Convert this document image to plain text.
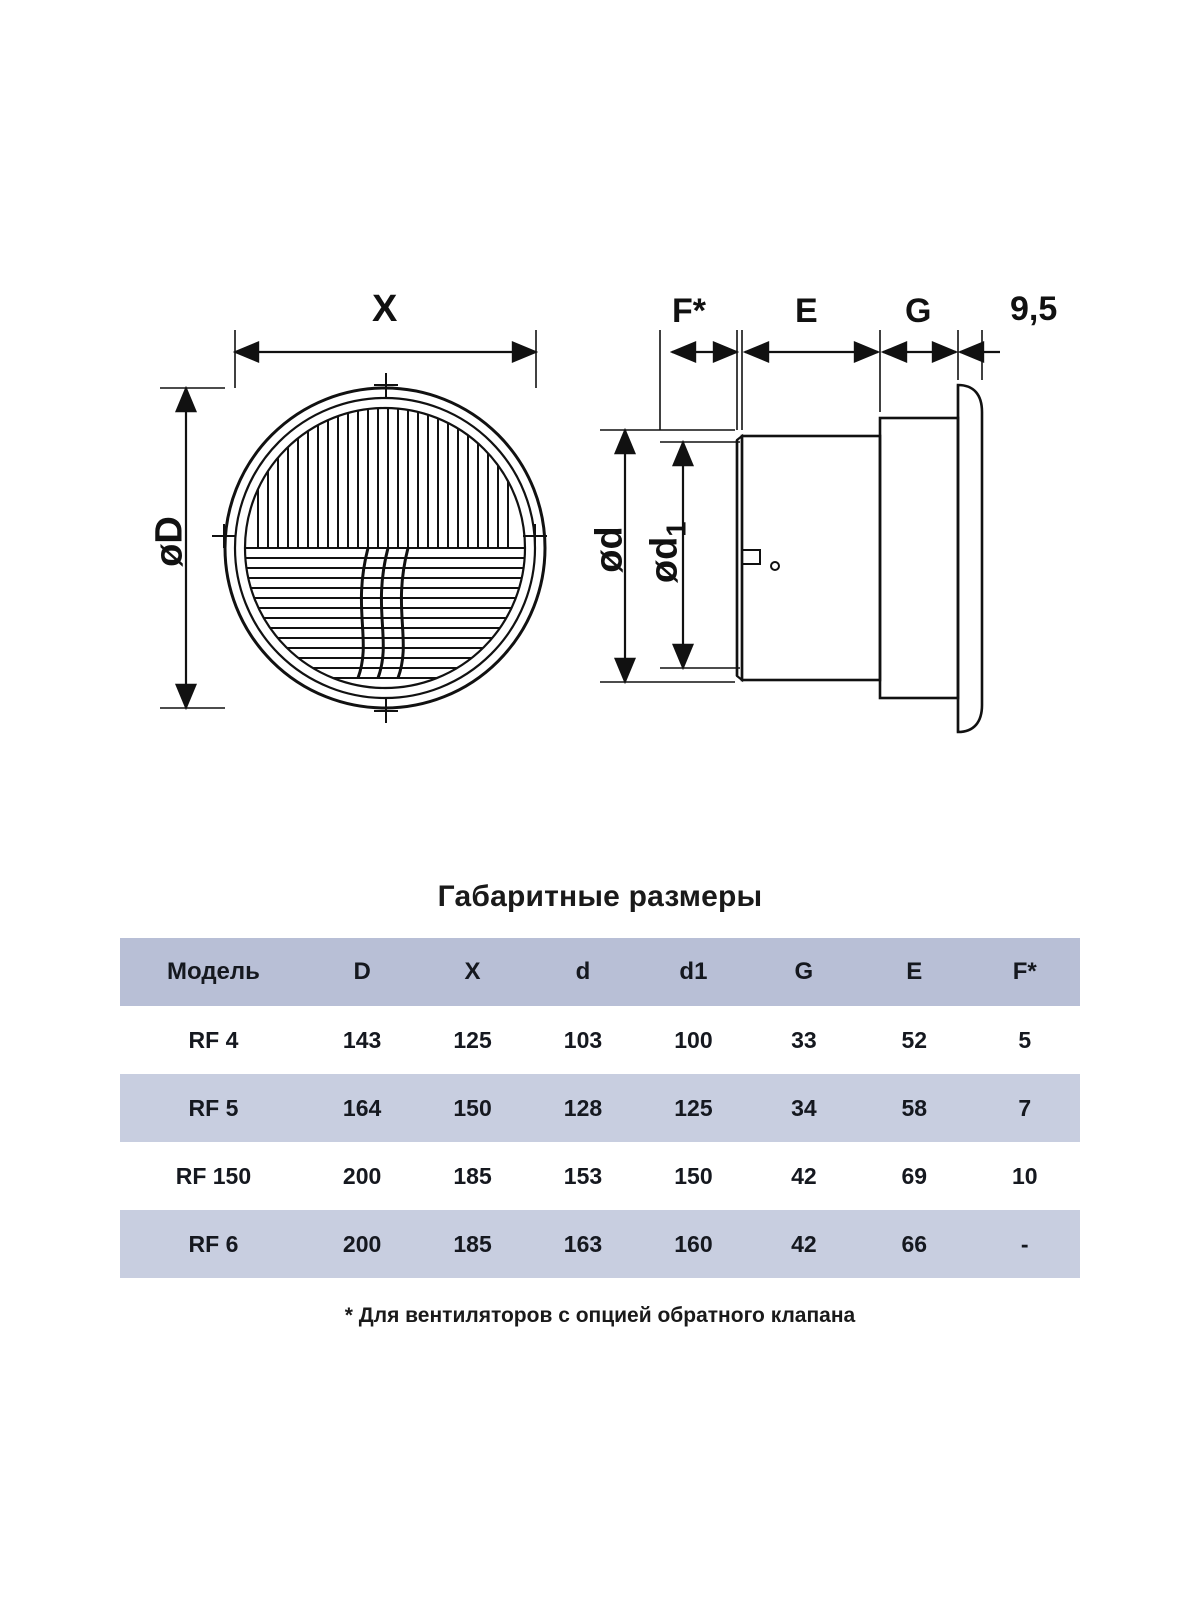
X
øD
F*	E	G 9,5
ød $ød_1$
Габаритные размеры
Модель	D	X	d	d1	G	E	F*
RF 4	143	125	103	100	33	52	5
RF 5	164	150	128	125	34	58	7
RF 150	200	185	153	150	42	69	10
RF 6	200	185	163	160	42	66	-
* Для вентиляторов с опцией обратного клапана
